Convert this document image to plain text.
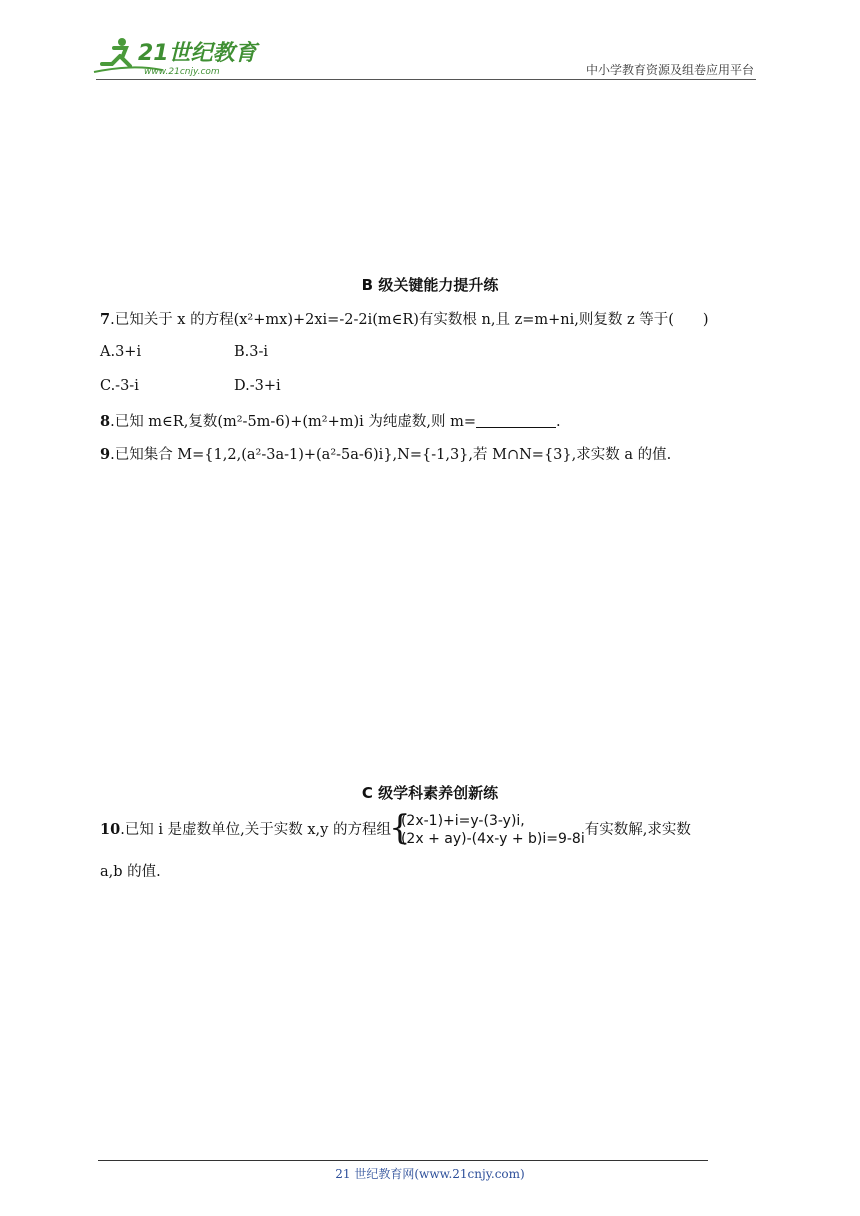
21世纪教育
www.21cnjy.com	中小学教育资源及组卷应用平台
B 级关键能力提升练
7.已知关于 x 的方程(x²+mx)+2xi=-2-2i(m∈R)有实数根 n,且 z=m+ni,则复数 z 等于(　　)
A.3+i	B.3-i
C.-3-i	D.-3+i
8.已知 m∈R,复数(m²-5m-6)+(m²+m)i 为纯虚数,则 m=	.
9.已知集合 M={1,2,(a²-3a-1)+(a²-5a-6)i},N={-1,3},若 M∩N={3},求实数 a 的值.
C 级学科素养创新练
10.已知 i 是虚数单位,关于实数 x,y 的方程组
{
(2x-1)+i=y-(3-y)i,
(2x + ay)-(4x-y + b)i=9-8i
有实数解,求实数
a,b 的值.
21 世纪教育网(www.21cnjy.com)
